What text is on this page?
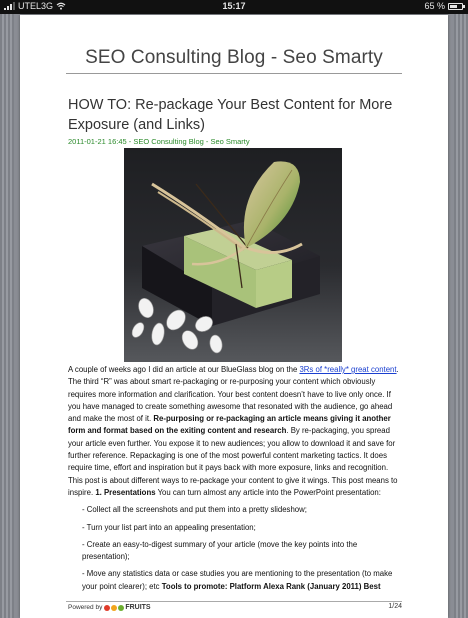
UTEL3G	15:17	65 %
SEO Consulting Blog - Seo Smarty
HOW TO: Re-package Your Best Content for More Exposure (and Links)
2011-01-21 16:45 - SEO Consulting Blog - Seo Smarty

A couple of weeks ago I did an article at our BlueGlass blog on the 3Rs of *really* great content. The third “R” was about smart re-packaging or re-purposing your content which obviously requires more information and clarification. Your best content doesn’t have to live only once. If you have managed to create something awesome that resonated with the audience, go ahead and make the most of it. Re-purposing or re-packaging an article means giving it another form and format based on the exiting content and research. By re-packaging, you spread your article even further. You expose it to new audiences; you allow to download it and save for further reference. Repackaging is one of the most powerful content marketing tactics. It does require time, effort and inspiration but it pays back with more exposure, links and recognition. This post is about different ways to re-package your content to give it wings. This post means to inspire. 1. Presentations You can turn almost any article into the PowerPoint presentation:

- Collect all the screenshots and put them into a pretty slideshow;

- Turn your list part into an appealing presentation;

- Create an easy-to-digest summary of your article (move the key points into the presentation);

- Move any statistics data or case studies you are mentioning to the presentation (to make your point clearer); etc Tools to promote: Platform Alexa Rank (January 2011) Best

Powered by	FRUITS	1/24
